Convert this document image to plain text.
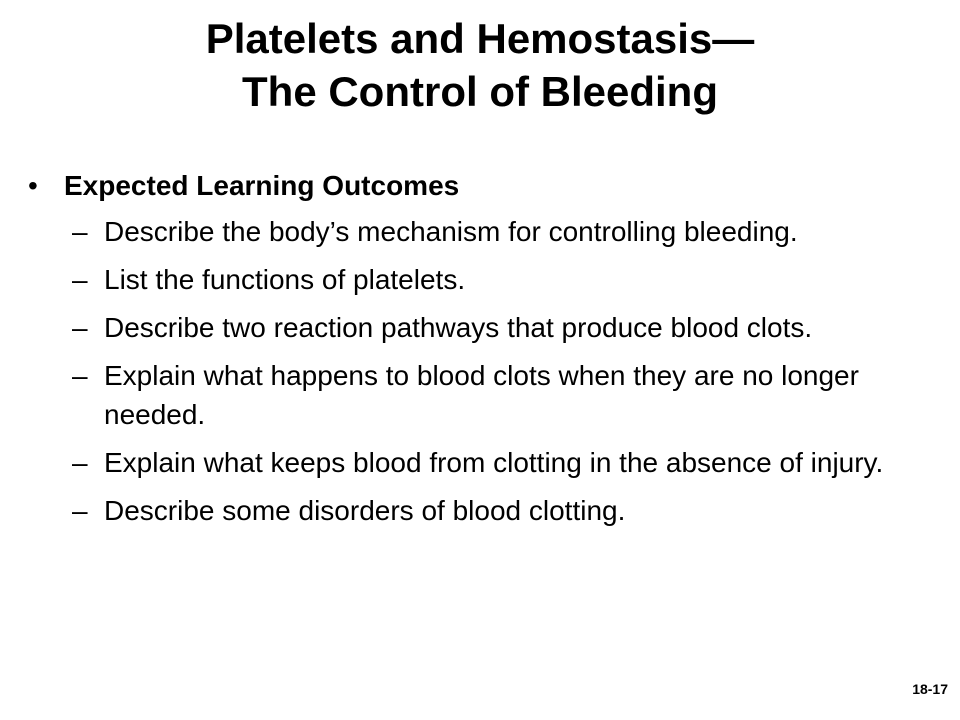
Platelets and Hemostasis—
The Control of Bleeding
• Expected Learning Outcomes
– Describe the body’s mechanism for controlling bleeding.
– List the functions of platelets.
– Describe two reaction pathways that produce blood clots.
– Explain what happens to blood clots when they are no longer needed.
– Explain what keeps blood from clotting in the absence of injury.
– Describe some disorders of blood clotting.
18-17
